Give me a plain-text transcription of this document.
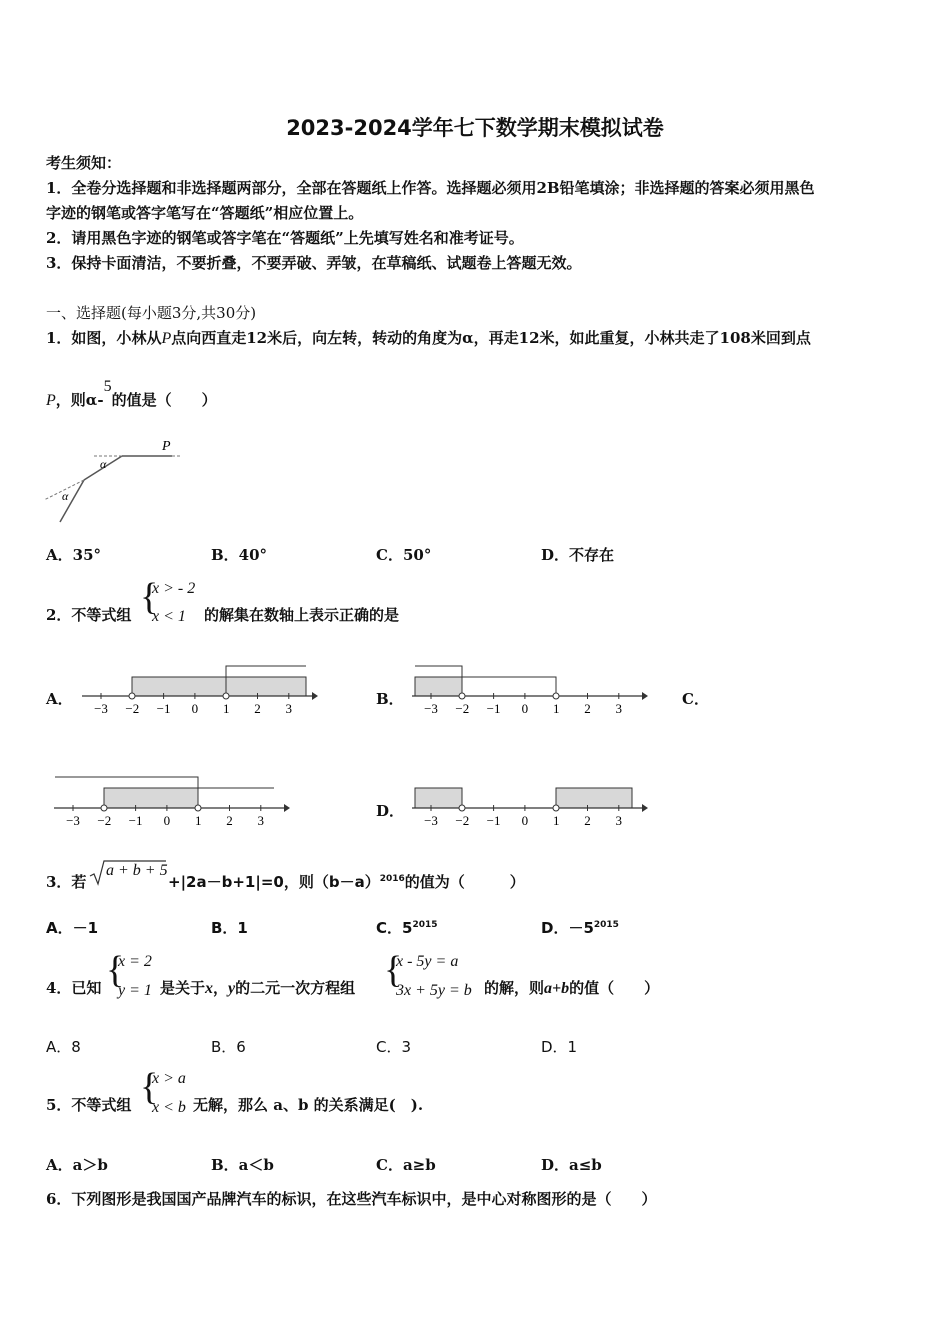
2023-2024学年七下数学期末模拟试卷
考生须知：
1．全卷分选择题和非选择题两部分，全部在答题纸上作答。选择题必须用2B铅笔填涂；非选择题的答案必须用黑色
字迹的钢笔或答字笔写在“答题纸”相应位置上。
2．请用黑色字迹的钢笔或答字笔在“答题纸”上先填写姓名和准考证号。
3．保持卡面清洁，不要折叠，不要弄破、弄皱，在草稿纸、试题卷上答题无效。
一、选择题(每小题3分,共30分)
1．如图，小林从P点向西直走12米后，向左转，转动的角度为α，再走12米，如此重复，小林共走了108米回到点
P，则α-5的值是（　　）
P
α
α
A．35°	B．40°	C．50°	D．不存在
2．不等式组 {
x > - 2
x < 1 的解集在数轴上表示正确的是
A．	B．	C．
D．
−3 −2 −1 0 1 2 3	−3 −2 −1 0 1 2 3
−3 −2 −1 0 1 2 3	−3 −2 −1 0 1 2 3
3．若
a + b + 5
+|2a－b+1|=0，则$(b-a)^{2016}$的值为（　　　）
A．－1	B．1	C．$5^{2015}$	D．$-5^{2015}$
4．已知 {
x = 2
y = 1 是关于x，y的二元一次方程组 {
x - 5y = a
3x + 5y = b 的解，则a+b的值（　　）
A．8	B．6	C．3	D．1
5．不等式组 {
x > a
x < b 无解，那么 a、b 的关系满足(　).
A．a＞b	B．a＜b	C．a≥b	D．a≤b
6．下列图形是我国国产品牌汽车的标识，在这些汽车标识中，是中心对称图形的是（　　）
